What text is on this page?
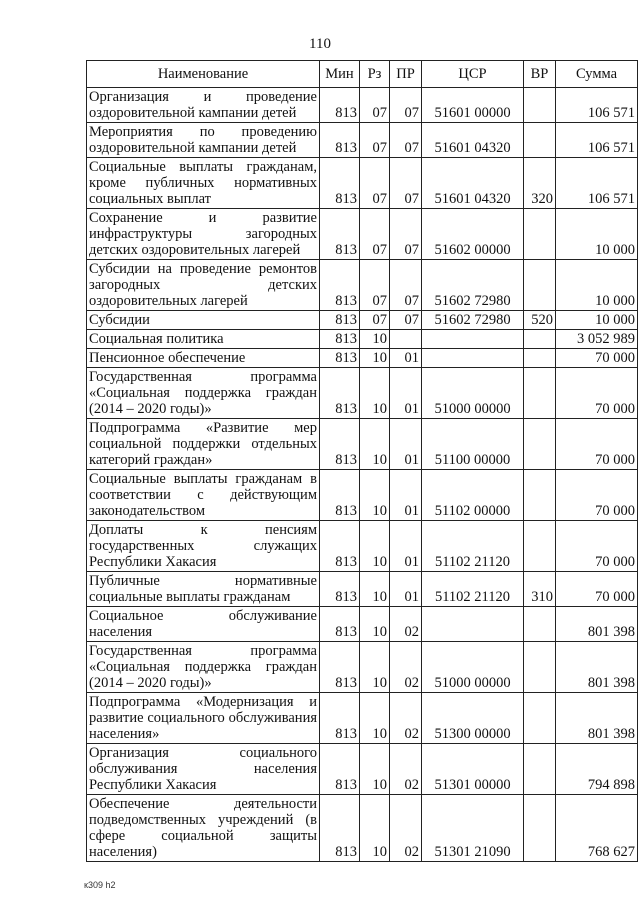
110
Наименование	Мин	Рз	ПР	ЦСР	ВР	Сумма
Организация и проведение оздоровительной кампании детей	813	07	07	51601 00000		106 571
Мероприятия по проведению оздоровительной кампании детей	813	07	07	51601 04320		106 571
Социальные выплаты гражданам, кроме публичных нормативных социальных выплат	813	07	07	51601 04320	320	106 571
Сохранение и развитие инфраструктуры загородных детских оздоровительных лагерей	813	07	07	51602 00000		10 000
Субсидии на проведение ремонтов загородных детских оздоровительных лагерей	813	07	07	51602 72980		10 000
Субсидии	813	07	07	51602 72980	520	10 000
Социальная политика	813	10				3 052 989
Пенсионное обеспечение	813	10	01			70 000
Государственная программа «Социальная поддержка граждан (2014 – 2020 годы)»	813	10	01	51000 00000		70 000
Подпрограмма «Развитие мер социальной поддержки отдельных категорий граждан»	813	10	01	51100 00000		70 000
Социальные выплаты гражданам в соответствии с действующим законодательством	813	10	01	51102 00000		70 000
Доплаты к пенсиям государственных служащих Республики Хакасия	813	10	01	51102 21120		70 000
Публичные нормативные социальные выплаты гражданам	813	10	01	51102 21120	310	70 000
Социальное обслуживание населения	813	10	02			801 398
Государственная программа «Социальная поддержка граждан (2014 – 2020 годы)»	813	10	02	51000 00000		801 398
Подпрограмма «Модернизация и развитие социального обслуживания населения»	813	10	02	51300 00000		801 398
Организация социального обслуживания населения Республики Хакасия	813	10	02	51301 00000		794 898
Обеспечение деятельности подведомственных учреждений (в сфере социальной защиты населения)	813	10	02	51301 21090		768 627
к309 h2
